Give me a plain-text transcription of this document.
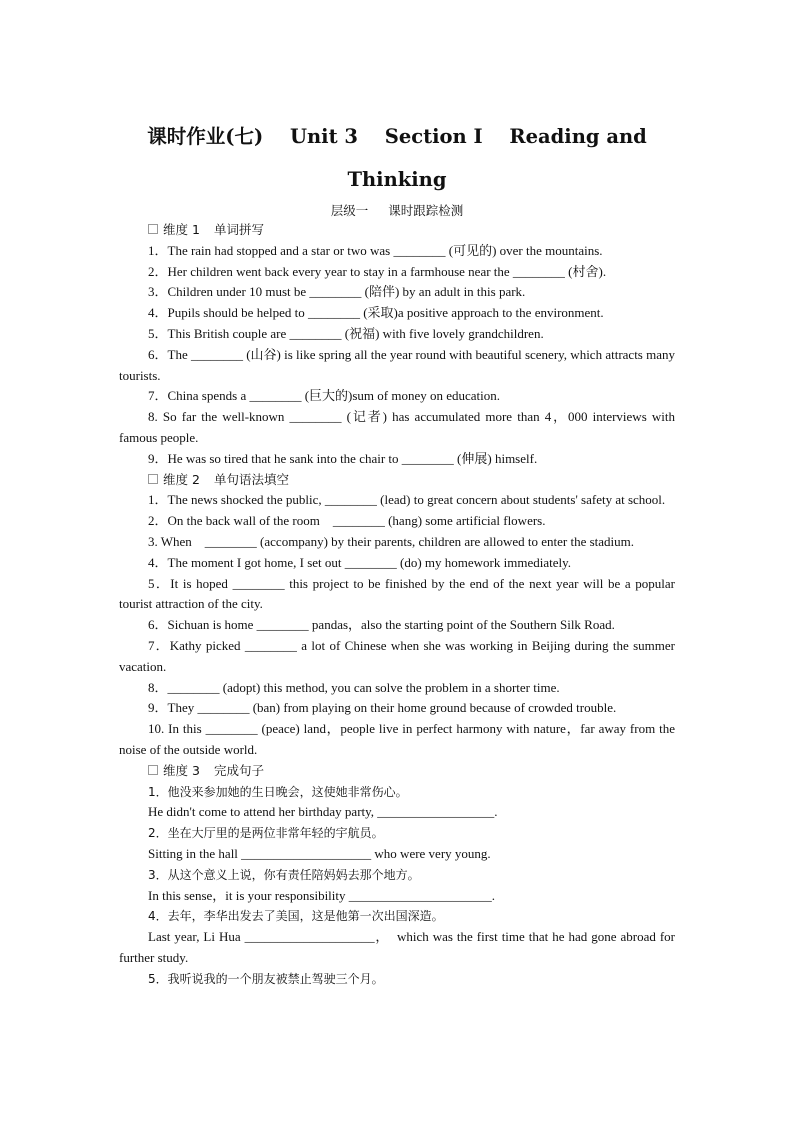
课时作业(七) Unit 3 Section Ⅰ Reading and
Thinking
层级一 课时跟踪检测
维度 1 单词拼写
1．The rain had stopped and a star or two was ________ (可见的) over the mountains.
2．Her children went back every year to stay in a farmhouse near the ________ (村舍).
3．Children under 10 must be ________ (陪伴) by an adult in this park.
4．Pupils should be helped to ________ (采取)a positive approach to the environment.
5．This British couple are ________ (祝福) with five lovely grandchildren.
6．The ________ (山谷) is like spring all the year round with beautiful scenery, which attracts many tourists.
7．China spends a ________ (巨大的)sum of money on education.
8. So far the well-known ________ (记者) has accumulated more than 4，000 interviews with famous people.
9．He was so tired that he sank into the chair to ________ (伸展) himself.
维度 2 单句语法填空
1．The news shocked the public, ________ (lead) to great concern about students' safety at school.
2．On the back wall of the room    ________ (hang) some artificial flowers.
3. When    ________ (accompany) by their parents, children are allowed to enter the stadium.
4．The moment I got home, I set out ________ (do) my homework immediately.
5．It is hoped ________ this project to be finished by the end of the next year will be a popular tourist attraction of the city.
6．Sichuan is home ________ pandas，also the starting point of the Southern Silk Road.
7．Kathy picked ________ a lot of Chinese when she was working in Beijing during the summer vacation.
8．________ (adopt) this method, you can solve the problem in a shorter time.
9．They ________ (ban) from playing on their home ground because of crowded trouble.
10. In this ________ (peace) land，people live in perfect harmony with nature，far away from the noise of the outside world.
维度 3 完成句子
1．他没来参加她的生日晚会，这使她非常伤心。
He didn't come to attend her birthday party, __________________.
2．坐在大厅里的是两位非常年轻的宇航员。
Sitting in the hall ____________________ who were very young.
3．从这个意义上说，你有责任陪妈妈去那个地方。
In this sense，it is your responsibility ______________________.
4．去年，李华出发去了美国，这是他第一次出国深造。
Last year, Li Hua ____________________，  which was the first time that he had gone abroad for further study.
5．我听说我的一个朋友被禁止驾驶三个月。
